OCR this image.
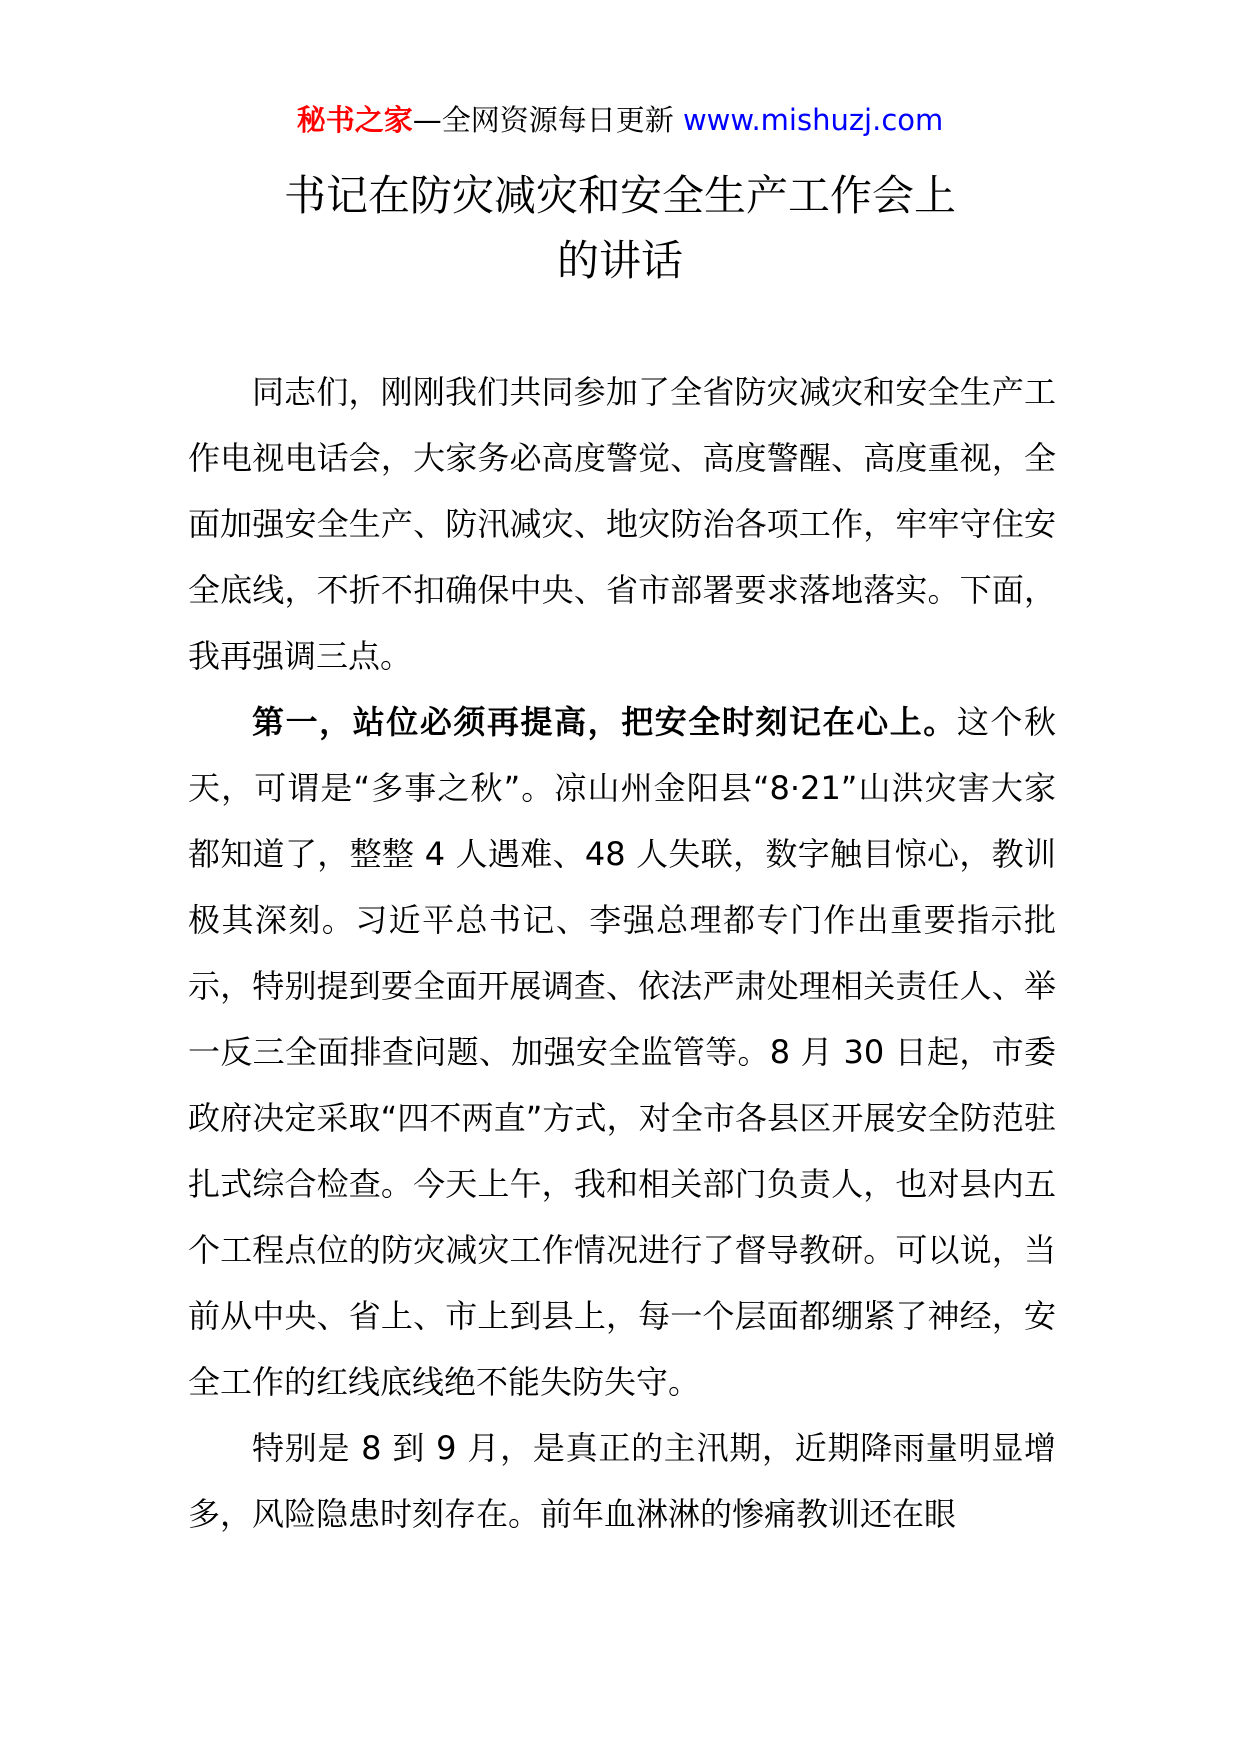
秘书之家—全网资源每日更新 www.mishuzj.com
书记在防灾减灾和安全生产工作会上
的讲话

同志们，刚刚我们共同参加了全省防灾减灾和安全生产工作电视电话会，大家务必高度警觉、高度警醒、高度重视，全面加强安全生产、防汛减灾、地灾防治各项工作，牢牢守住安全底线，不折不扣确保中央、省市部署要求落地落实。下面，我再强调三点。

第一，站位必须再提高，把安全时刻记在心上。这个秋天，可谓是“多事之秋”。凉山州金阳县“8·21”山洪灾害大家都知道了，整整 4 人遇难、48 人失联，数字触目惊心，教训极其深刻。习近平总书记、李强总理都专门作出重要指示批示，特别提到要全面开展调查、依法严肃处理相关责任人、举一反三全面排查问题、加强安全监管等。8 月 30 日起，市委政府决定采取“四不两直”方式，对全市各县区开展安全防范驻扎式综合检查。今天上午，我和相关部门负责人，也对县内五个工程点位的防灾减灾工作情况进行了督导教研。可以说，当前从中央、省上、市上到县上，每一个层面都绷紧了神经，安全工作的红线底线绝不能失防失守。

特别是 8 到 9 月，是真正的主汛期，近期降雨量明显增多，风险隐患时刻存在。前年血淋淋的惨痛教训还在眼
